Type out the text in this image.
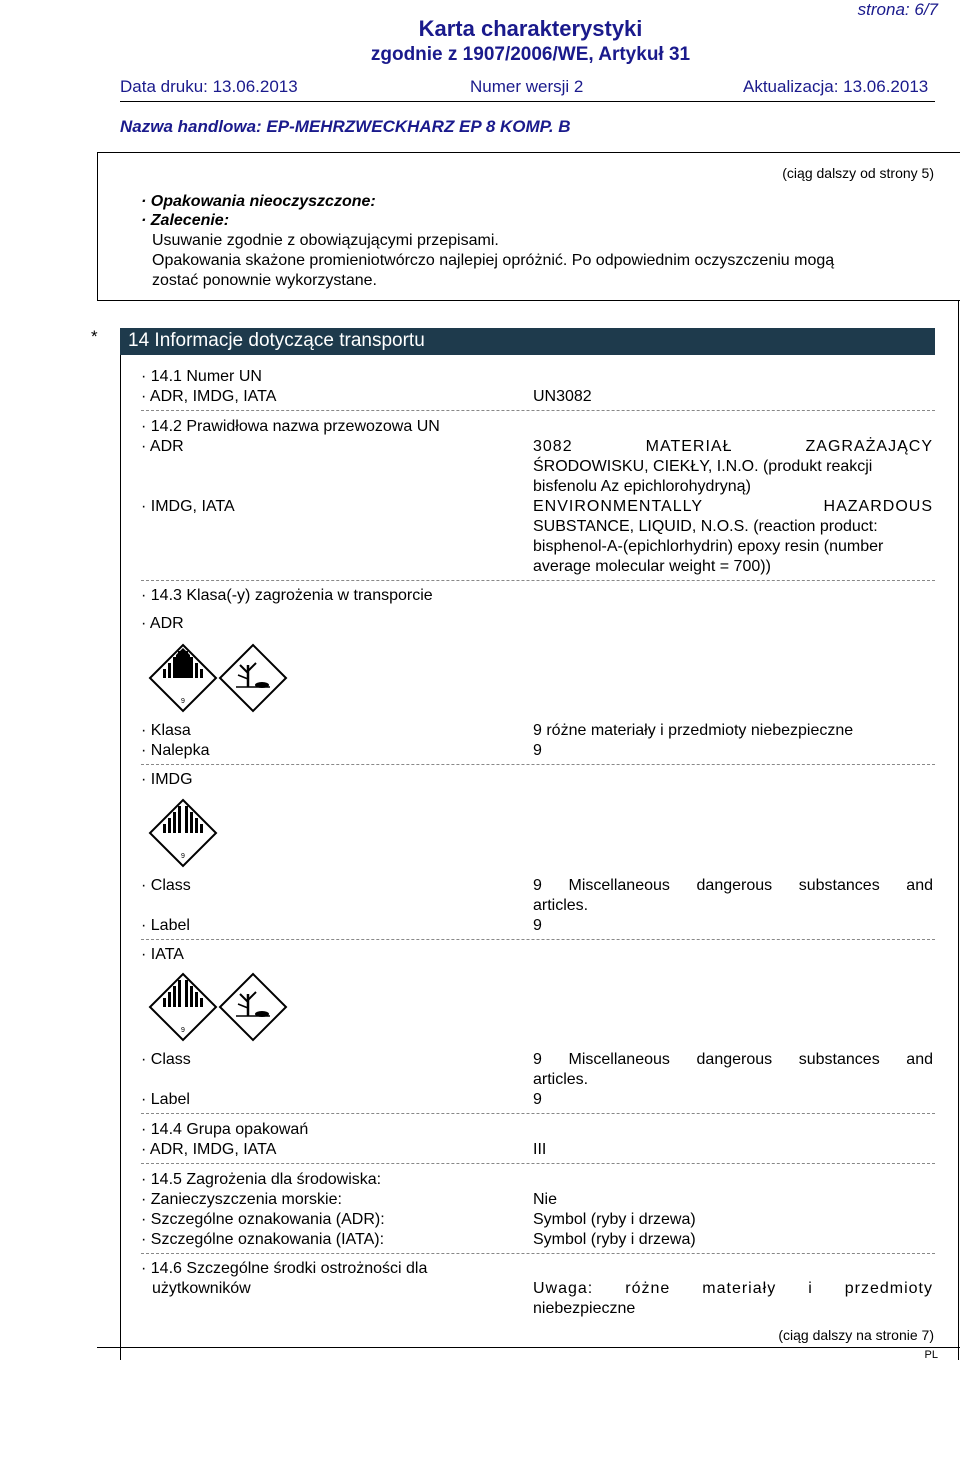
strona: 6/7
Karta charakterystyki
zgodnie z 1907/2006/WE, Artykuł 31
Data druku: 13.06.2013	Numer wersji 2	Aktualizacja: 13.06.2013
Nazwa handlowa: EP-MEHRZWECKHARZ EP 8 KOMP. B
(ciąg dalszy od strony 5)
· Opakowania nieoczyszczone:
· Zalecenie:
Usuwanie zgodnie z obowiązującymi przepisami.
Opakowania skażone promieniotwórczo najlepiej opróżnić. Po odpowiednim oczyszczeniu mogą
zostać ponownie wykorzystane.
* 14 Informacje dotyczące transportu
· 14.1 Numer UN
· ADR, IMDG, IATA	UN3082
· 14.2 Prawidłowa nazwa przewozowa UN
· ADR	3082 MATERIAŁ ZAGRAŻAJĄCY
ŚRODOWISKU, CIEKŁY, I.N.O. (produkt reakcji
bisfenolu Az epichlorohydryną)
· IMDG, IATA	ENVIRONMENTALLY HAZARDOUS
SUBSTANCE, LIQUID, N.O.S. (reaction product:
bisphenol-A-(epichlorhydrin) epoxy resin (number
average molecular weight = 700))
· 14.3 Klasa(-y) zagrożenia w transporcie
· ADR
9
· Klasa	9 różne materiały i przedmioty niebezpieczne
· Nalepka	9
· IMDG
9
· Class	9 Miscellaneous dangerous substances and
articles.
· Label	9
· IATA
9
· Class	9 Miscellaneous dangerous substances and
articles.
· Label	9
· 14.4 Grupa opakowań
· ADR, IMDG, IATA	III
· 14.5 Zagrożenia dla środowiska:
· Zanieczyszczenia morskie:	Nie
· Szczególne oznakowania (ADR):	Symbol (ryby i drzewa)
· Szczególne oznakowania (IATA):	Symbol (ryby i drzewa)
· 14.6 Szczególne środki ostrożności dla
użytkowników	Uwaga: różne materiały i przedmioty
niebezpieczne
(ciąg dalszy na stronie 7)
PL
